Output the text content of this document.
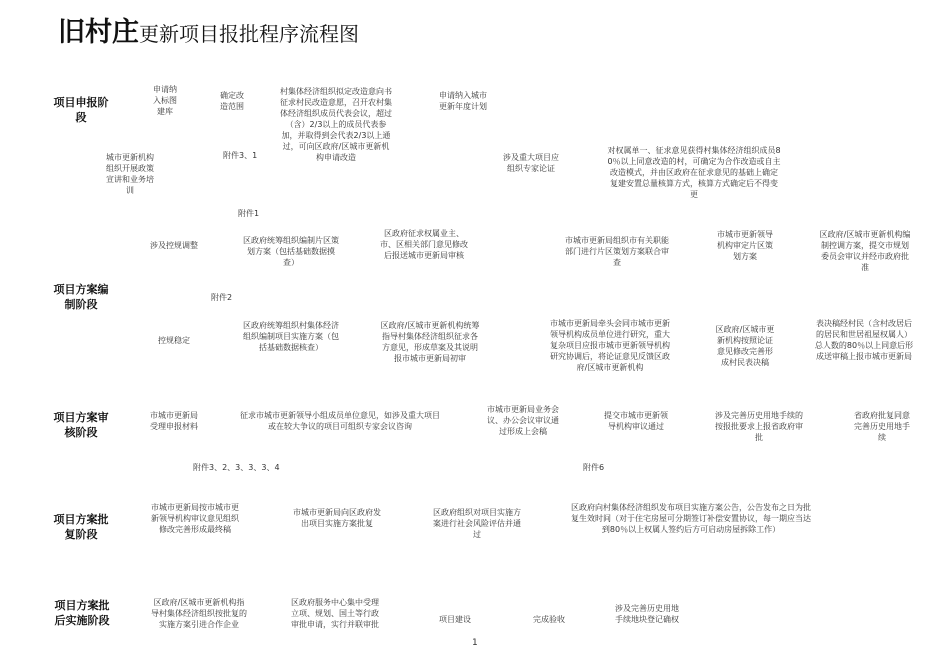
旧村庄更新项目报批程序流程图
项目申报阶段
项目方案编制阶段
项目方案审核阶段
项目方案批复阶段
项目方案批后实施阶段
附件3、1
附件1
附件2
附件3、2、3、3、3、4	附件6
申请纳入标图建库
确定改造范围
村集体经济组织拟定改造意向书征求村民改造意愿，召开农村集体经济组织成员代表会议，超过（含）2/3以上的成员代表参加，并取得到会代表2/3以上通过，可向区政府/区城市更新机构申请改造
申请纳入城市更新年度计划
城市更新机构组织开展政策宣讲和业务培训
涉及重大项目应组织专家论证
对权属单一、征求意见获得村集体经济组织成员80％以上同意改造的村，可确定为合作改造或自主改造模式，并由区政府在征求意见的基础上确定复建安置总量核算方式，核算方式确定后不得变更
涉及控规调整
区政府统筹组织编制片区策划方案（包括基础数据摸查）
区政府征求权属业主、市、区相关部门意见修改后报送城市更新局审核
市城市更新局组织市有关职能部门进行片区策划方案联合审查
市城市更新领导机构审定片区策划方案
区政府/区城市更新机构编制控调方案，提交市规划委员会审议并经市政府批准
控规稳定
区政府统筹组织村集体经济组织编制项目实施方案（包括基础数据核查）
区政府/区城市更新机构统筹指导村集体经济组织征求各方意见，形成草案及其说明报市城市更新局初审
市城市更新局牵头会同市城市更新领导机构成员单位进行研究，重大复杂项目应报市城市更新领导机构研究协调后，将论证意见反馈区政府/区城市更新机构
区政府/区城市更新机构按照论证意见修改完善形成村民表决稿
表决稿经村民（含村改居后的居民和世居祖屋权属人）总人数的80％以上同意后形成送审稿上报市城市更新局
市城市更新局受理申报材料
征求市城市更新领导小组成员单位意见，如涉及重大项目或在较大争议的项目可组织专家会议咨询
市城市更新局业务会议、办公会议审议通过形成上会稿
提交市城市更新领导机构审议通过
涉及完善历史用地手续的按报批要求上报省政府审批
省政府批复同意完善历史用地手续
市城市更新局按市城市更新领导机构审议意见组织修改完善形成最终稿
市城市更新局向区政府发出项目实施方案批复
区政府组织对项目实施方案进行社会风险评估并通过
区政府向村集体经济组织发布项目实施方案公告，公告发布之日为批复生效时间（对于住宅房屋可分期签订补偿安置协议，每一期应当达到80％以上权属人签约后方可启动房屋拆除工作）
区政府/区城市更新机构指导村集体经济组织按批复的实施方案引进合作企业
区政府服务中心集中受理立项、规划、国土等行政审批申请，实行并联审批
项目建设	完成验收
涉及完善历史用地手续地块登记确权
1
